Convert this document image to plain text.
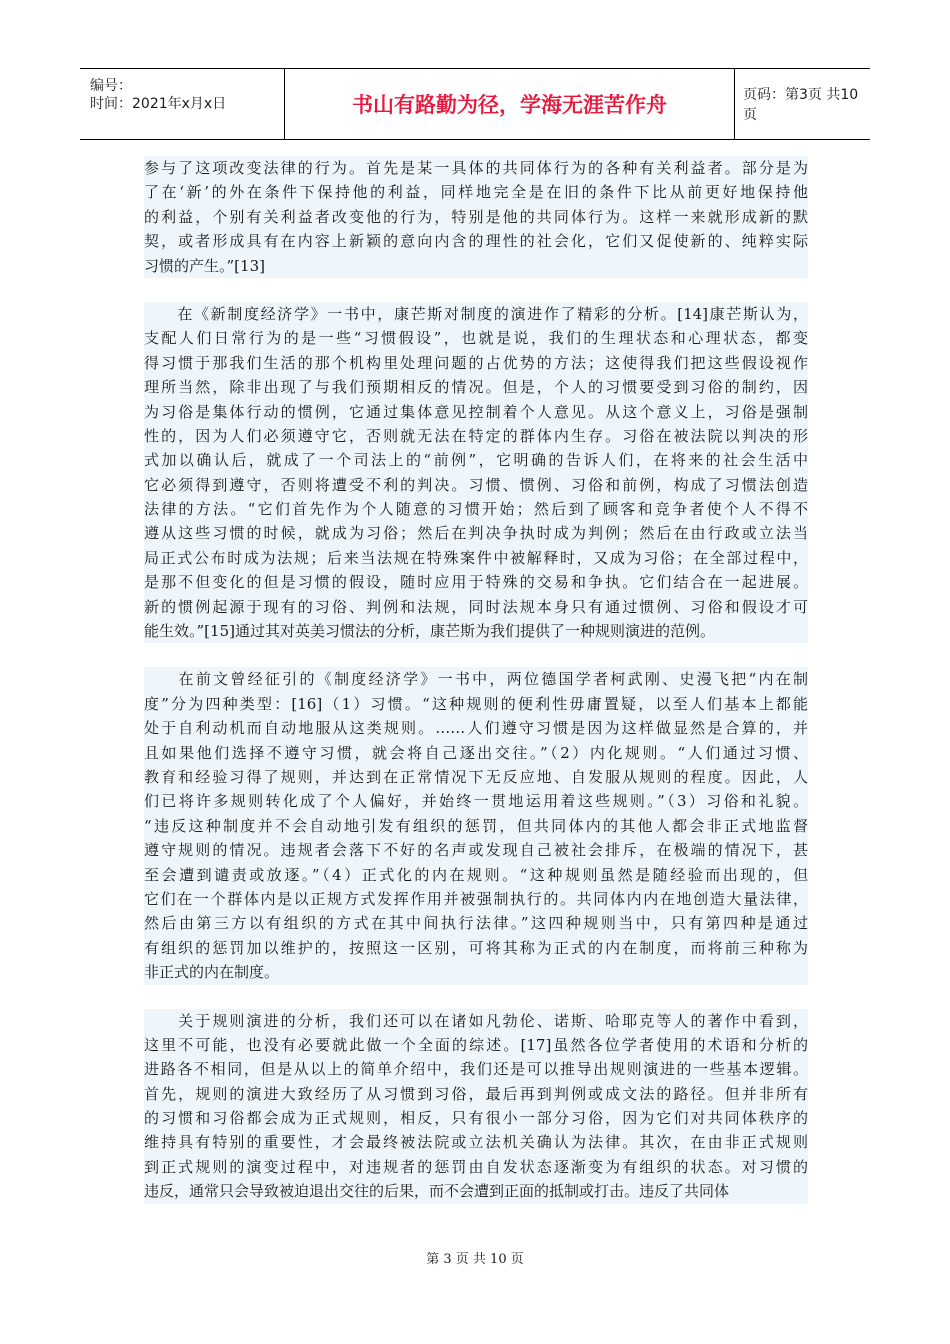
编号：
时间：2021年x月x日	书山有路勤为径，学海无涯苦作舟	页码：第3页 共10页
参与了这项改变法律的行为。首先是某一具体的共同体行为的各种有关利益者。部分是为
了在‘新’的外在条件下保持他的利益，同样地完全是在旧的条件下比从前更好地保持他
的利益，个别有关利益者改变他的行为，特别是他的共同体行为。这样一来就形成新的默
契，或者形成具有在内容上新颖的意向内含的理性的社会化，它们又促使新的、纯粹实际
习惯的产生。”[13]
　　在《新制度经济学》一书中，康芒斯对制度的演进作了精彩的分析。[14]康芒斯认为，
支配人们日常行为的是一些“习惯假设”，也就是说，我们的生理状态和心理状态，都变
得习惯于那我们生活的那个机构里处理问题的占优势的方法；这使得我们把这些假设视作
理所当然，除非出现了与我们预期相反的情况。但是，个人的习惯要受到习俗的制约，因
为习俗是集体行动的惯例，它通过集体意见控制着个人意见。从这个意义上，习俗是强制
性的，因为人们必须遵守它，否则就无法在特定的群体内生存。习俗在被法院以判决的形
式加以确认后，就成了一个司法上的“前例”，它明确的告诉人们，在将来的社会生活中
它必须得到遵守，否则将遭受不利的判决。习惯、惯例、习俗和前例，构成了习惯法创造
法律的方法。“它们首先作为个人随意的习惯开始；然后到了顾客和竞争者使个人不得不
遵从这些习惯的时候，就成为习俗；然后在判决争执时成为判例；然后在由行政或立法当
局正式公布时成为法规；后来当法规在特殊案件中被解释时，又成为习俗；在全部过程中，
是那不但变化的但是习惯的假设，随时应用于特殊的交易和争执。它们结合在一起进展。
新的惯例起源于现有的习俗、判例和法规，同时法规本身只有通过惯例、习俗和假设才可
能生效。”[15]通过其对英美习惯法的分析，康芒斯为我们提供了一种规则演进的范例。
　　在前文曾经征引的《制度经济学》一书中，两位德国学者柯武刚、史漫飞把“内在制
度”分为四种类型：[16]（1）习惯。“这种规则的便利性毋庸置疑，以至人们基本上都能
处于自利动机而自动地服从这类规则。……人们遵守习惯是因为这样做显然是合算的，并
且如果他们选择不遵守习惯，就会将自己逐出交往。”（2）内化规则。“人们通过习惯、
教育和经验习得了规则，并达到在正常情况下无反应地、自发服从规则的程度。因此，人
们已将许多规则转化成了个人偏好，并始终一贯地运用着这些规则。”（3）习俗和礼貌。
“违反这种制度并不会自动地引发有组织的惩罚，但共同体内的其他人都会非正式地监督
遵守规则的情况。违规者会落下不好的名声或发现自己被社会排斥，在极端的情况下，甚
至会遭到谴责或放逐。”（4）正式化的内在规则。“这种规则虽然是随经验而出现的，但
它们在一个群体内是以正规方式发挥作用并被强制执行的。共同体内内在地创造大量法律，
然后由第三方以有组织的方式在其中间执行法律。”这四种规则当中，只有第四种是通过
有组织的惩罚加以维护的，按照这一区别，可将其称为正式的内在制度，而将前三种称为
非正式的内在制度。
　　关于规则演进的分析，我们还可以在诸如凡勃伦、诺斯、哈耶克等人的著作中看到，
这里不可能，也没有必要就此做一个全面的综述。[17]虽然各位学者使用的术语和分析的
进路各不相同，但是从以上的简单介绍中，我们还是可以推导出规则演进的一些基本逻辑。
首先，规则的演进大致经历了从习惯到习俗，最后再到判例或成文法的路径。但并非所有
的习惯和习俗都会成为正式规则，相反，只有很小一部分习俗，因为它们对共同体秩序的
维持具有特别的重要性，才会最终被法院或立法机关确认为法律。其次，在由非正式规则
到正式规则的演变过程中，对违规者的惩罚由自发状态逐渐变为有组织的状态。对习惯的
违反，通常只会导致被迫退出交往的后果，而不会遭到正面的抵制或打击。违反了共同体
第 3 页 共 10 页
